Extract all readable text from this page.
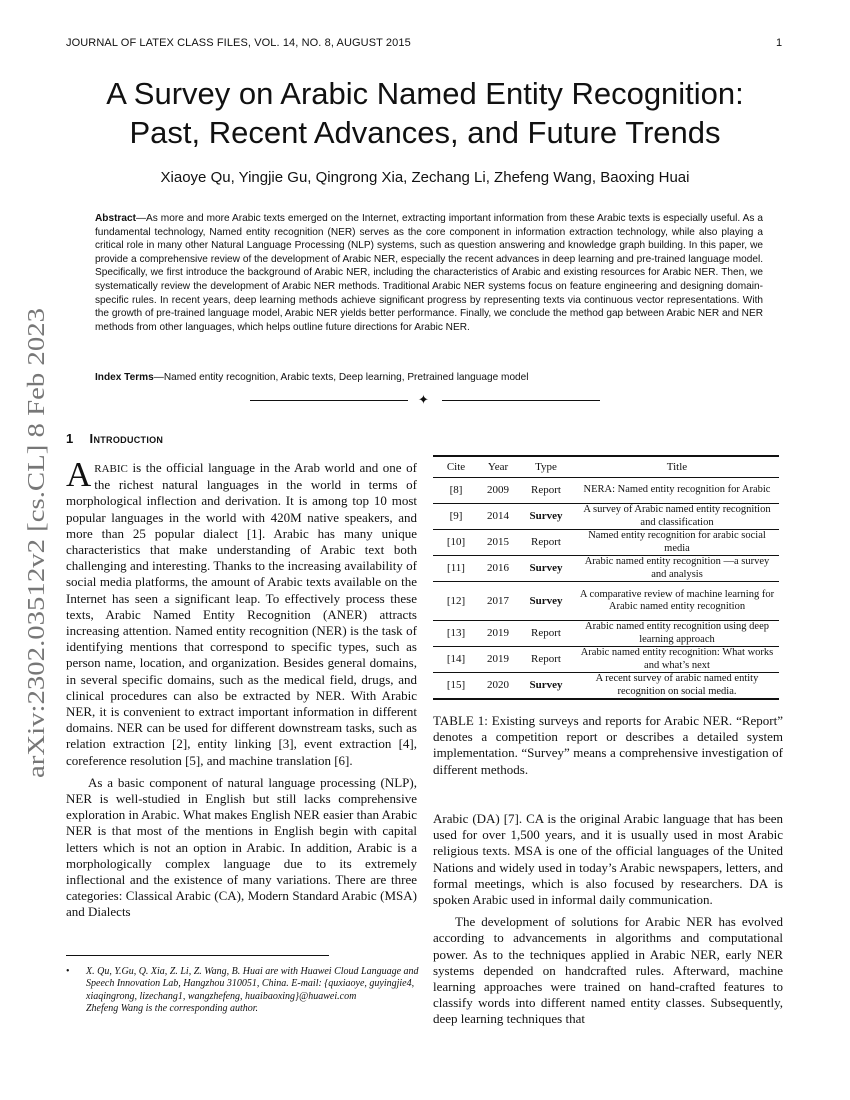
JOURNAL OF LATEX CLASS FILES, VOL. 14, NO. 8, AUGUST 2015	1
arXiv:2302.03512v2 [cs.CL] 8 Feb 2023
A Survey on Arabic Named Entity Recognition:
Past, Recent Advances, and Future Trends
Xiaoye Qu, Yingjie Gu, Qingrong Xia, Zechang Li, Zhefeng Wang, Baoxing Huai
Abstract—As more and more Arabic texts emerged on the Internet, extracting important information from these Arabic texts is especially useful. As a fundamental technology, Named entity recognition (NER) serves as the core component in information extraction technology, while also playing a critical role in many other Natural Language Processing (NLP) systems, such as question answering and knowledge graph building. In this paper, we provide a comprehensive review of the development of Arabic NER, especially the recent advances in deep learning and pre-trained language model. Specifically, we first introduce the background of Arabic NER, including the characteristics of Arabic and existing resources for Arabic NER. Then, we systematically review the development of Arabic NER methods. Traditional Arabic NER systems focus on feature engineering and designing domain-specific rules. In recent years, deep learning methods achieve significant progress by representing texts via continuous vector representations. With the growth of pre-trained language model, Arabic NER yields better performance. Finally, we conclude the method gap between Arabic NER and NER methods from other languages, which helps outline future directions for Arabic NER.
Index Terms—Named entity recognition, Arabic texts, Deep learning, Pretrained language model
✦
1 Introduction

ARABIC is the official language in the Arab world and one of the richest natural languages in the world in terms of morphological inflection and derivation. It is among top 10 most popular languages in the world with 420M native speakers, and more than 25 popular dialect [1]. Arabic has many unique characteristics that make understanding of Arabic text both challenging and interesting. Thanks to the increasing availability of social media platforms, the amount of Arabic texts available on the Internet has seen a significant leap. To effectively process these texts, Arabic Named Entity Recognition (ANER) attracts increasing attention. Named entity recognition (NER) is the task of identifying mentions that correspond to specific types, such as person name, location, and organization. Besides general domains, in several specific domains, such as the medical field, drugs, and clinical procedures can also be extracted by NER. With Arabic NER, it is convenient to extract important information in different domains. NER can be used for different downstream tasks, such as relation extraction [2], entity linking [3], event extraction [4], coreference resolution [5], and machine translation [6].

As a basic component of natural language processing (NLP), NER is well-studied in English but still lacks comprehensive exploration in Arabic. What makes English NER easier than Arabic NER is that most of the mentions in English begin with capital letters which is not an option in Arabic. In addition, Arabic is a morphologically complex language due to its extremely inflectional and the existence of many variations. There are three categories: Classical Arabic (CA), Modern Standard Arabic (MSA) and Dialects

• X. Qu, Y.Gu, Q. Xia, Z. Li, Z. Wang, B. Huai are with Huawei Cloud Language and Speech Innovation Lab, Hangzhou 310051, China. E-mail: {quxiaoye, guyingjie4, xiaqingrong, lizechang1, wangzhefeng, huaibaoxing}@huawei.com
Zhefeng Wang is the corresponding author.
Cite	Year	Type	Title
[8]	2009	Report	NERA: Named entity recognition for Arabic
[9]	2014	Survey	A survey of Arabic named entity recognition and classification
[10]	2015	Report	Named entity recognition for arabic social media
[11]	2016	Survey	Arabic named entity recognition —a survey and analysis
[12]	2017	Survey	A comparative review of machine learning for Arabic named entity recognition
[13]	2019	Report	Arabic named entity recognition using deep learning approach
[14]	2019	Report	Arabic named entity recognition: What works and what’s next
[15]	2020	Survey	A recent survey of arabic named entity recognition on social media.
TABLE 1: Existing surveys and reports for Arabic NER. “Report” denotes a competition report or describes a detailed system implementation. “Survey” means a comprehensive investigation of different methods.

Arabic (DA) [7]. CA is the original Arabic language that has been used for over 1,500 years, and it is usually used in most Arabic religious texts. MSA is one of the official languages of the United Nations and widely used in today’s Arabic newspapers, letters, and formal meetings, which is also focused by researchers. DA is spoken Arabic used in informal daily communication.

The development of solutions for Arabic NER has evolved according to advancements in algorithms and computational power. As to the techniques applied in Arabic NER, early NER systems depended on handcrafted rules. Afterward, machine learning approaches were trained on hand-crafted features to classify words into different named entity classes. Subsequently, deep learning techniques that
